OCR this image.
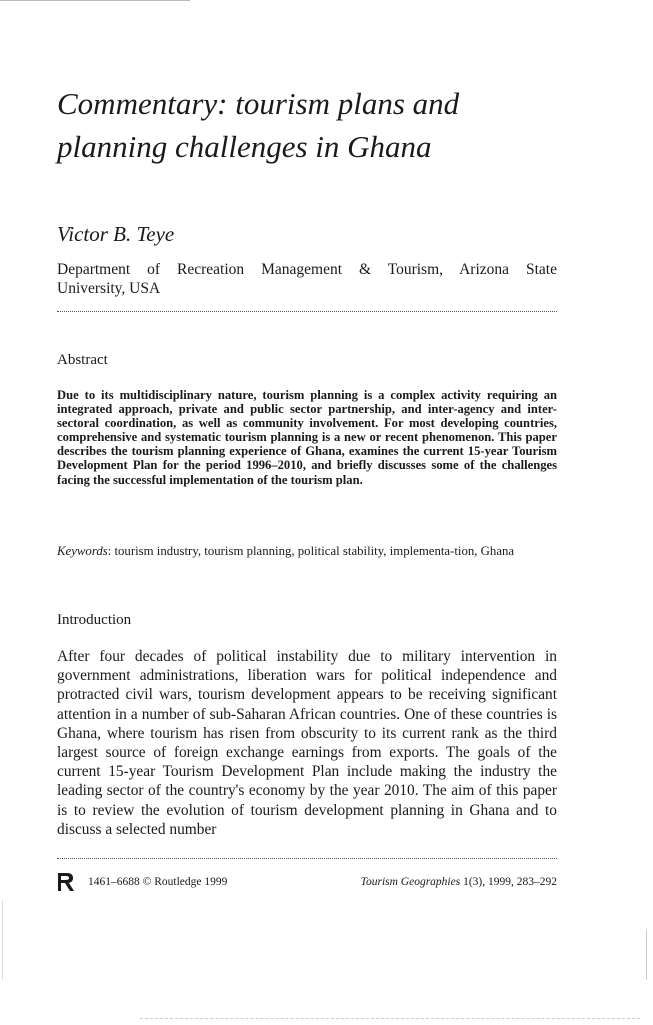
Commentary: tourism plans and planning challenges in Ghana
Victor B. Teye
Department of Recreation Management & Tourism, Arizona State
University, USA
Abstract

Due to its multidisciplinary nature, tourism planning is a complex activity requiring an integrated approach, private and public sector partnership, and inter-agency and inter-sectoral coordination, as well as community involvement. For most developing countries, comprehensive and systematic tourism planning is a new or recent phenomenon. This paper describes the tourism planning experience of Ghana, examines the current 15-year Tourism Development Plan for the period 1996–2010, and briefly discusses some of the challenges facing the successful implementation of the tourism plan.

Keywords: tourism industry, tourism planning, political stability, implementa-tion, Ghana

Introduction

After four decades of political instability due to military intervention in government administrations, liberation wars for political independence and protracted civil wars, tourism development appears to be receiving significant attention in a number of sub-Saharan African countries. One of these countries is Ghana, where tourism has risen from obscurity to its current rank as the third largest source of foreign exchange earnings from exports. The goals of the current 15-year Tourism Development Plan include making the industry the leading sector of the country's economy by the year 2010. The aim of this paper is to review the evolution of tourism development planning in Ghana and to discuss a selected number

1461–6688 © Routledge 1999	Tourism Geographies 1(3), 1999, 283–292
